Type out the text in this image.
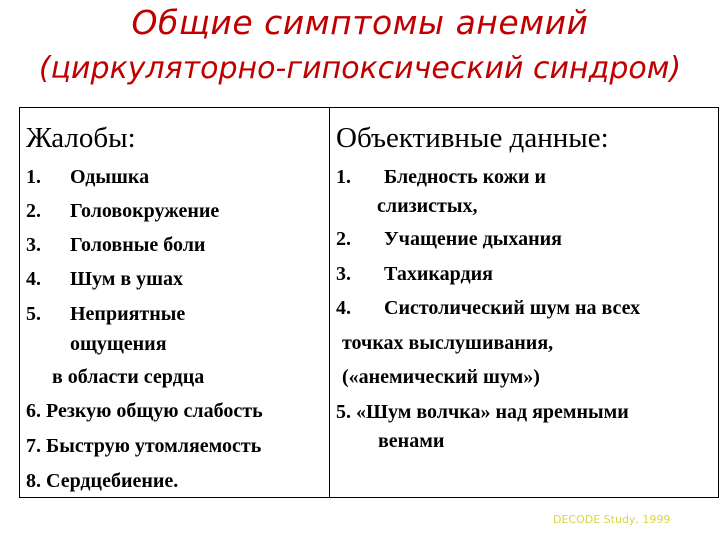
Общие симптомы анемий
(циркуляторно-гипоксический синдром)
Жалобы:
1. Одышка
2. Головокружение
3. Головные боли
4. Шум в ушах
5. Неприятные
ощущения
в области сердца
6. Резкую общую слабость
7. Быструю утомляемость
8. Сердцебиение.
Объективные данные:
1. Бледность кожи и
слизистых,
2. Учащение дыхания
3. Тахикардия
4. Систолический шум на всех
точках выслушивания,
(«анемический шум»)
5. «Шум волчка» над яремными
венами
DECODE Study, 1999
